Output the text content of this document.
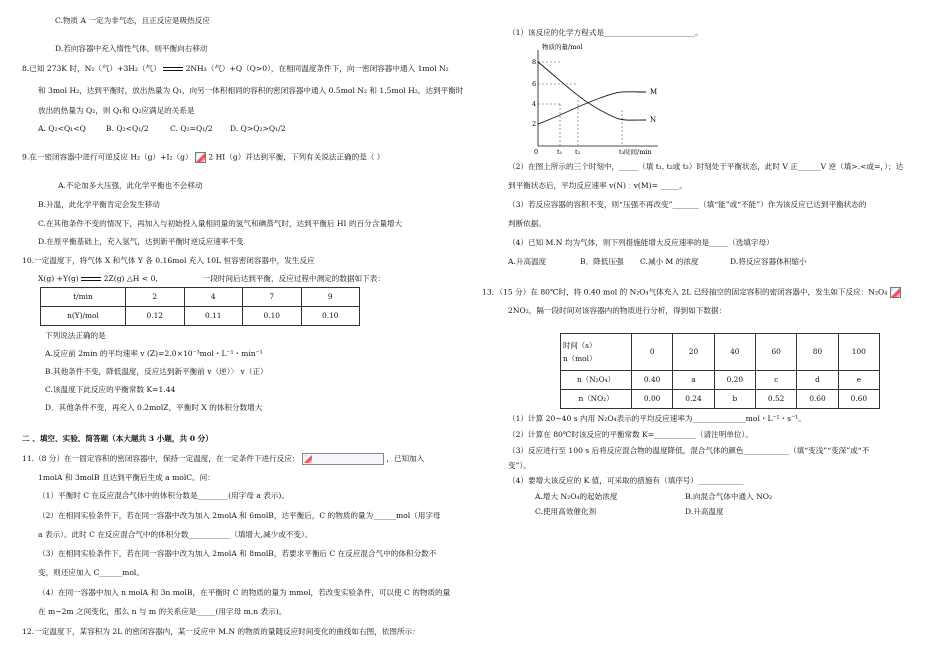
C.物质 A 一定为非气态，且正反应是吸热反应
D.若向容器中充入惰性气体，则平衡向右移动
8.已知 273K 时，N₂（气）+3H₂（气）	2NH₃（气）+Q（Q>0），在相同温度条件下，向一密闭容器中通入 1mol N₂
和 3mol H₂，达到平衡时，放出热量为 Q₁，向另一体积相同的容积的密闭容器中通入 0.5mol N₂ 和 1.5mol H₂，达到平衡时
放出的热量为 Q₂，则 Q₁和 Q₂应满足的关系是
A. Q₂<Q₁<Q	B. Q₂<Q₁/2	C. Q₂=Q₁/2 D. Q>Q₂>Q₁/2
9.在一密闭容器中进行可逆反应 H₂（g）+I₂（g） 2 HI（g）并达到平衡，下列有关说法正确的是（ ）
A.不论加多大压强，此化学平衡也不会移动
B.升温，此化学平衡肯定会发生移动
C.在其他条件不变的情况下，再加入与初始投入量相同量的氢气和碘蒸气时，达到平衡后 HI 的百分含量增大
D.在原平衡基础上，充入氢气，达到新平衡时逆反应速率不变
10.一定温度下，将气体 X 和气体 Y 各 0.16mol 充入 10L 恒容密闭容器中，发生反应
X(g) +Y(g)	2Z(g) △H < 0,	一段时间后达到平衡，反应过程中测定的数据如下表：
t/min	2	4	7	9
n(Y)/mol	0.12	0.11	0.10	0.10
下列说法正确的是
A.反应前 2min 的平均速率 v (Z)=2.0×10⁻³mol・L⁻¹・min⁻¹
B.其他条件不变，降低温度，反应达到新平衡前 v（逆）〉 v（正）
C.该温度下此反应的平衡常数 K=1.44
D．其他条件不变，再充入 0.2molZ，平衡时 X 的体积分数增大
二 、填空、实验、简答题（本大题共 3 小题，共 0 分）
11.（8 分）在一固定容积的密闭容器中，保持一定温度，在一定条件下进行反应：	，已知加入
1molA 和 3molB 且达到平衡后生成 a molC。问：
（1）平衡时 C 在反应混合气体中的体积分数是________(用字母 a 表示)。
（2）在相同实验条件下，若在同一容器中改为加入 2molA 和 6molB，达平衡后，C 的物质的量为______mol（用字母
a 表示）。此时 C 在反应混合气中的体积分数___________（填增大,减少或不变）。
（3）在相同实验条件下，若在同一容器中改为加入 2molA 和 8molB，若要求平衡后 C 在反应混合气中的体积分数不
变，则还应加入 C______mol。
（4）在同一容器中加入 n molA 和 3n molB，在平衡时 C 的物质的量为 mmol，若改变实验条件，可以使 C 的物质的量
在 m~2m 之间变化，那么 n 与 m 的关系应是_____(用字母 m,n 表示)。
12.一定温度下，某容积为 2L 的密闭容器内，某一反应中 M.N 的物质的量随反应时间变化的曲线如右图，依图所示：
（1）该反应的化学方程式是________________________。
物质的量/mol
时间/min
8
6
4
2
0	t₁ t₂	t₃
M
N
（2）在图上所示的三个时刻中，_____（填 t₁, t₂或 t₃）时刻处于平衡状态，此时 V 正______V 逆（填>.<或=，）；达
到平衡状态后，平均反应速率 v(N)﹕v(M)= _____。
（3）若反应容器的容积不变，则“压强不再改变”_______（填“能”或“不能”）作为该反应已达到平衡状态的
判断依据。
（4）已知 M.N 均为气体，则下列措施能增大反应速率的是_____（选填字母）
A.升高温度	B．降低压强 C.减小 M 的浓度	D.将反应容器体积缩小
13．（15 分）在 80℃时，将 0.40 mol 的 N₂O₄气体充入 2L 已经抽空的固定容积的密闭容器中，发生如下反应：N₂O₄
2NO₂，隔一段时间对该容器内的物质进行分析，得到如下数据：
时间（s）
n（mol）	0	20	40	60	80	100
n（N₂O₄）	0.40	a	0.20	c	d	e
n（NO₂）	0.00	0.24	b	0.52	0.60	0.60
（1）计算 20~40 s 内用 N₂O₄表示的平均反应速率为______________mol・L⁻¹・s⁻¹。
（2）计算在 80℃时该反应的平衡常数 K=___________（请注明单位）。
（3）反应进行至 100 s 后将反应混合物的温度降低，混合气体的颜色____________（填“变浅”“变深”或“不
变”）。
（4）要增大该反应的 K 值，可采取的措施有（填序号）____________
A.增大 N₂O₄的起始浓度	B.向混合气体中通入 NO₂
C.使用高效催化剂	D.升高温度
